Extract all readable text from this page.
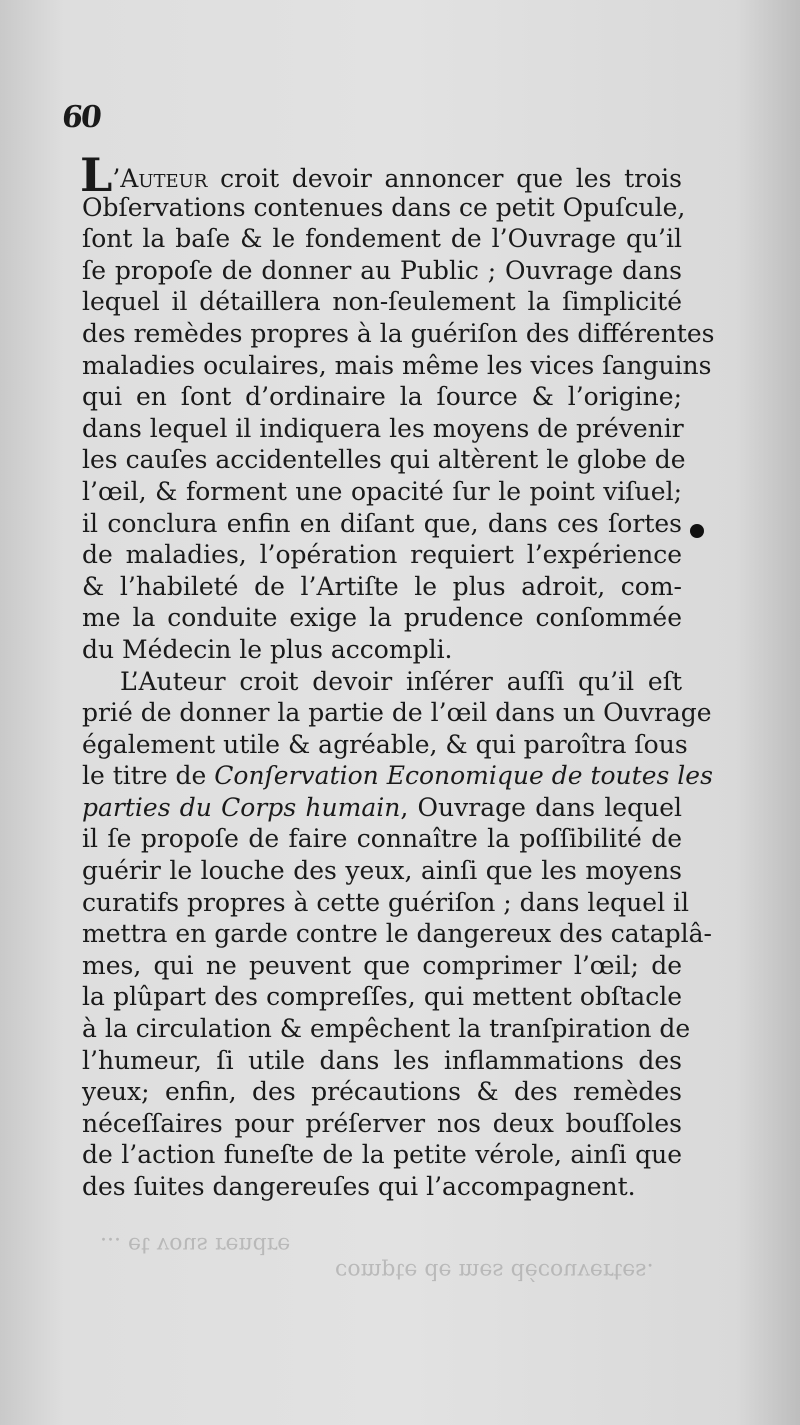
60
L’Auteur croit devoir annoncer que les trois
Obſervations contenues dans ce petit Opuſcule,
ſont la baſe & le fondement de l’Ouvrage qu’il
ſe propoſe de donner au Public ; Ouvrage dans
lequel il détaillera non-ſeulement la ſimplicité
des remèdes propres à la guériſon des différentes
maladies oculaires, mais même les vices ſanguins
qui en ſont d’ordinaire la ſource & l’origine;
dans lequel il indiquera les moyens de prévenir
les cauſes accidentelles qui altèrent le globe de
l’œil, & forment une opacité ſur le point viſuel;
il conclura enfin en diſant que, dans ces ſortes
de maladies, l’opération requiert l’expérience
& l’habileté de l’Artiſte le plus adroit, com-
me la conduite exige la prudence conſommée
du Médecin le plus accompli.
L’Auteur croit devoir inſérer auſſi qu’il eſt
prié de donner la partie de l’œil dans un Ouvrage
également utile & agréable, & qui paroîtra ſous
le titre de Conſervation Economique de toutes les
parties du Corps humain, Ouvrage dans lequel
il ſe propoſe de faire connaître la poſſibilité de
guérir le louche des yeux, ainſi que les moyens
curatifs propres à cette guériſon ; dans lequel il
mettra en garde contre le dangereux des cataplâ-
mes, qui ne peuvent que comprimer l’œil; de
la plûpart des compreſſes, qui mettent obſtacle
à la circulation & empêchent la tranſpiration de
l’humeur, ſi utile dans les inflammations des
yeux; enfin, des précautions & des remèdes
néceſſaires pour préſerver nos deux bouſſoles
de l’action funeſte de la petite vérole, ainſi que
des ſuites dangereuſes qui l’accompagnent.
... et vous rendre
compte de mes découvertes.
